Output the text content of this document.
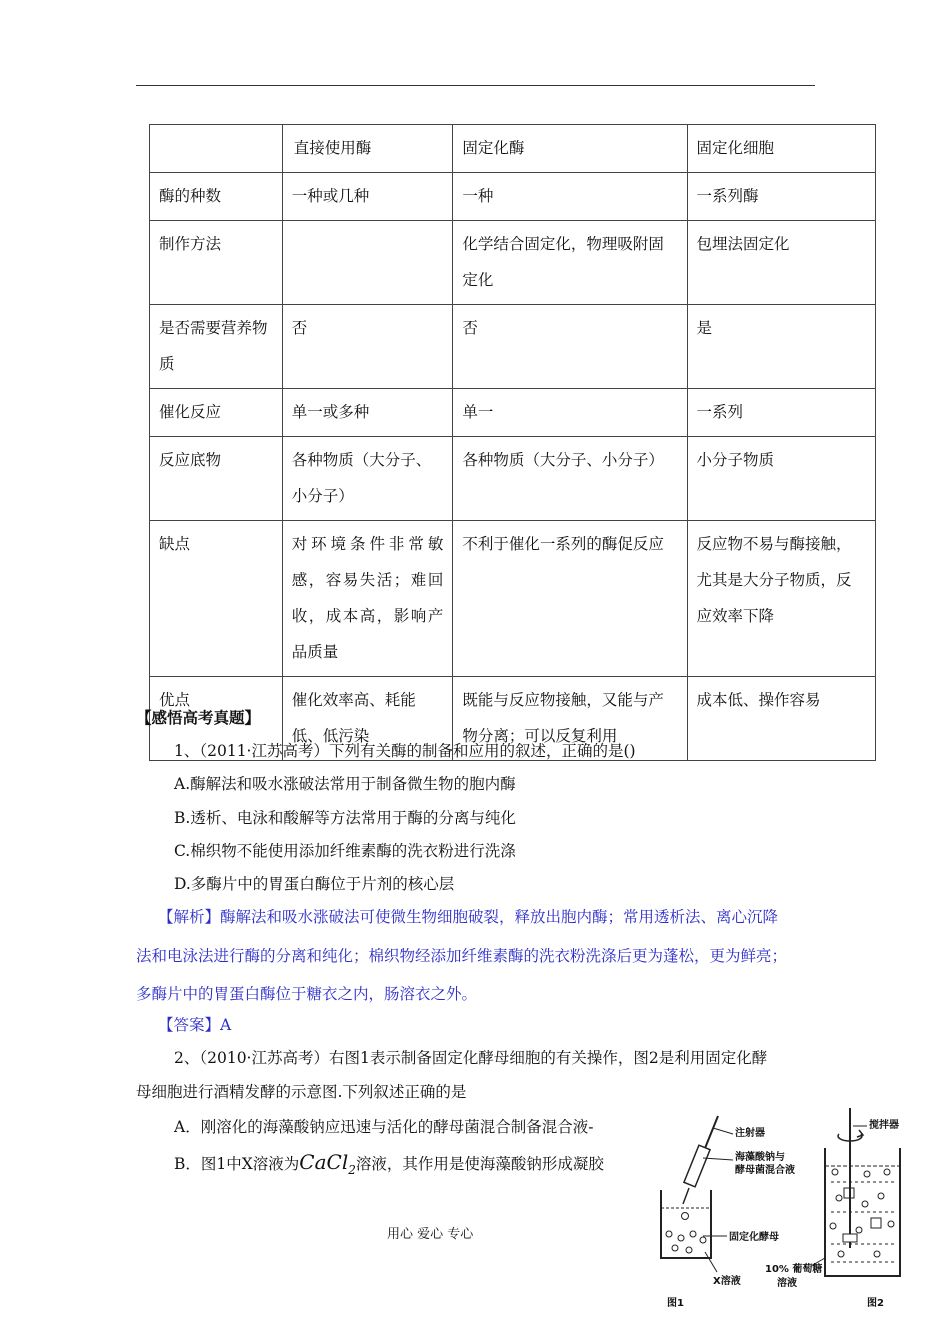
	直接使用酶	固定化酶	固定化细胞
酶的种数	一种或几种	一种	一系列酶
制作方法		化学结合固定化，物理吸附固定化	包埋法固定化
是否需要营养物质	否	否	是
催化反应	单一或多种	单一	一系列
反应底物	各种物质（大分子、小分子）	各种物质（大分子、小分子）	小分子物质
缺点	对环境条件非常敏感，容易失活；难回收，成本高，影响产品质量	不利于催化一系列的酶促反应	反应物不易与酶接触，尤其是大分子物质，反应效率下降
优点	催化效率高、耗能低、低污染	既能与反应物接触，又能与产物分离；可以反复利用	成本低、操作容易
【感悟高考真题】
1、（2011·江苏高考）下列有关酶的制备和应用的叙述，正确的是()
A.酶解法和吸水涨破法常用于制备微生物的胞内酶
B.透析、电泳和酸解等方法常用于酶的分离与纯化
C.棉织物不能使用添加纤维素酶的洗衣粉进行洗涤
D.多酶片中的胃蛋白酶位于片剂的核心层
【解析】酶解法和吸水涨破法可使微生物细胞破裂，释放出胞内酶；常用透析法、离心沉降
法和电泳法进行酶的分离和纯化；棉织物经添加纤维素酶的洗衣粉洗涤后更为蓬松，更为鲜亮；
多酶片中的胃蛋白酶位于糖衣之内，肠溶衣之外。
【答案】A
2、（2010·江苏高考）右图1表示制备固定化酵母细胞的有关操作，图2是利用固定化酵
母细胞进行酒精发酵的示意图.下列叙述正确的是
A．刚溶化的海藻酸钠应迅速与活化的酵母菌混合制备混合液-
B．图1中X溶液为CaCl$_2$溶液，其作用是使海藻酸钠形成凝胶
注射器
海藻酸钠与
酵母菌混合液
固定化酵母
X溶液
搅拌器
10% 葡萄糖
溶液
图1	图2
用心 爱心 专心
